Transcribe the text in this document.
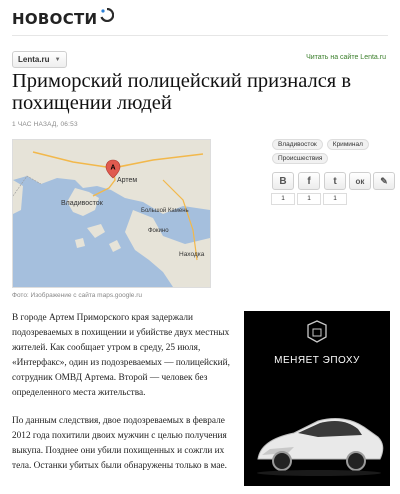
НОВОСТИ
Lenta.ru ▼	Читать на сайте Lenta.ru
Приморский полицейский признался в похищении людей
1 ЧАС НАЗАД, 06:53
A
Артем
Владивосток
Большой Камень
Фокино
Находка
Фото: Изображение с сайта maps.google.ru
Владивосток	Криминал
Происшествия
B
1
f
1
t
1
ок	✎

В городе Артем Приморского края задержали подозреваемых в похищении и убийстве двух местных жителей. Как сообщает утром в среду, 25 июля, «Интерфакс», один из подозреваемых — полицейский, сотрудник ОМВД Артема. Второй — человек без определенного места жительства.

По данным следствия, двое подозреваемых в феврале 2012 года похитили двоих мужчин с целью получения выкупа. Позднее они убили похищенных и сожгли их тела. Останки убитых были обнаружены только в мае.

МЕНЯЕТ ЭПОХУ
